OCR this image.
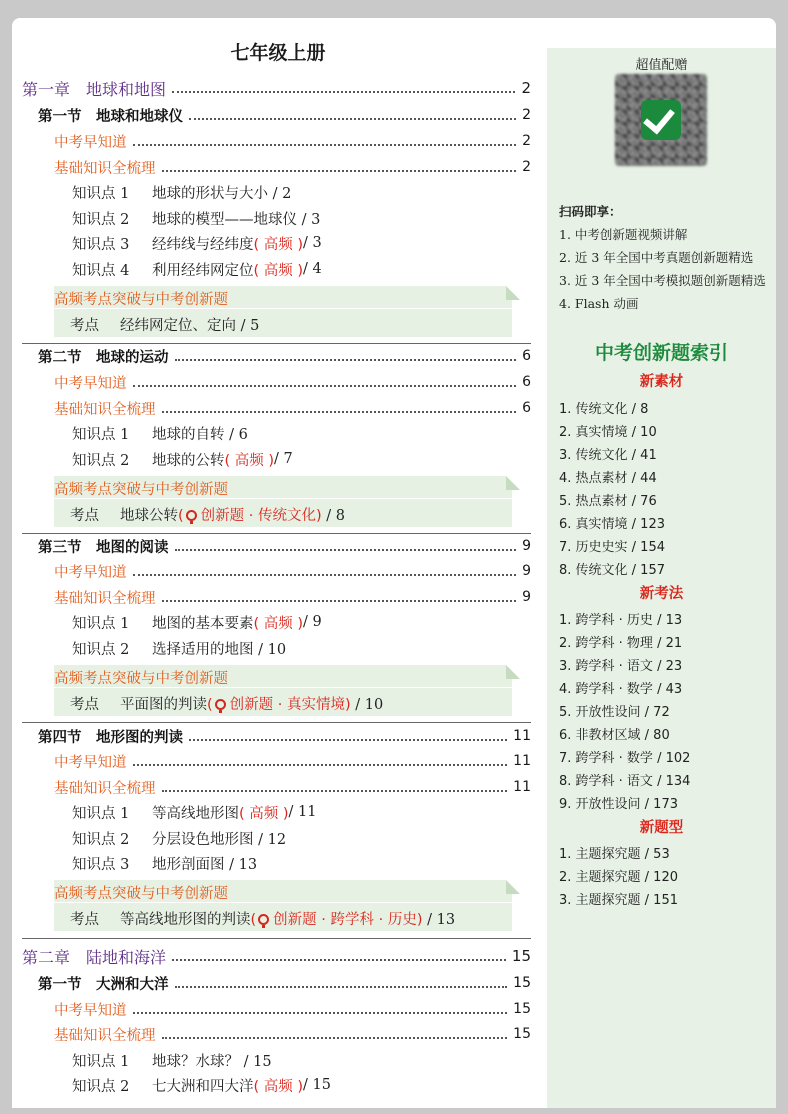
七年级上册
第一章　地球和地图	2
第一节　地球和地球仪	2
中考早知道	2
基础知识全梳理	2
知识点 1	地球的形状与大小 / 2
知识点 2	地球的模型——地球仪 / 3
知识点 3	经纬线与经纬度 ( 高频 ) / 3
知识点 4	利用经纬网定位 ( 高频 ) / 4
高频考点突破与中考创新题
考点 经纬网定位、定向 / 5
第二节　地球的运动	6
中考早知道	6
基础知识全梳理	6
知识点 1	地球的自转 / 6
知识点 2	地球的公转 ( 高频 ) / 7
高频考点突破与中考创新题
考点 地球公转( 创新题 · 传统文化) / 8
第三节　地图的阅读	9
中考早知道	9
基础知识全梳理	9
知识点 1	地图的基本要素 ( 高频 ) / 9
知识点 2	选择适用的地图 / 10
高频考点突破与中考创新题
考点 平面图的判读( 创新题 · 真实情境) / 10
第四节　地形图的判读	11
中考早知道	11
基础知识全梳理	11
知识点 1	等高线地形图 ( 高频 ) / 11
知识点 2	分层设色地形图 / 12
知识点 3	地形剖面图 / 13
高频考点突破与中考创新题
考点 等高线地形图的判读( 创新题 · 跨学科 · 历史) / 13
第二章　陆地和海洋	15
第一节　大洲和大洋	15
中考早知道	15
基础知识全梳理	15
知识点 1	地球？水球？ / 15
知识点 2	七大洲和四大洋 ( 高频 ) / 15
超值配赠
扫码即享：
1. 中考创新题视频讲解
2. 近 3 年全国中考真题创新题精选
3. 近 3 年全国中考模拟题创新题精选
4. Flash 动画
中考创新题索引
新素材
1. 传统文化 / 8
2. 真实情境 / 10
3. 传统文化 / 41
4. 热点素材 / 44
5. 热点素材 / 76
6. 真实情境 / 123
7. 历史史实 / 154
8. 传统文化 / 157
新考法
1. 跨学科 · 历史 / 13
2. 跨学科 · 物理 / 21
3. 跨学科 · 语文 / 23
4. 跨学科 · 数学 / 43
5. 开放性设问 / 72
6. 非教材区域 / 80
7. 跨学科 · 数学 / 102
8. 跨学科 · 语文 / 134
9. 开放性设问 / 173
新题型
1. 主题探究题 / 53
2. 主题探究题 / 120
3. 主题探究题 / 151
